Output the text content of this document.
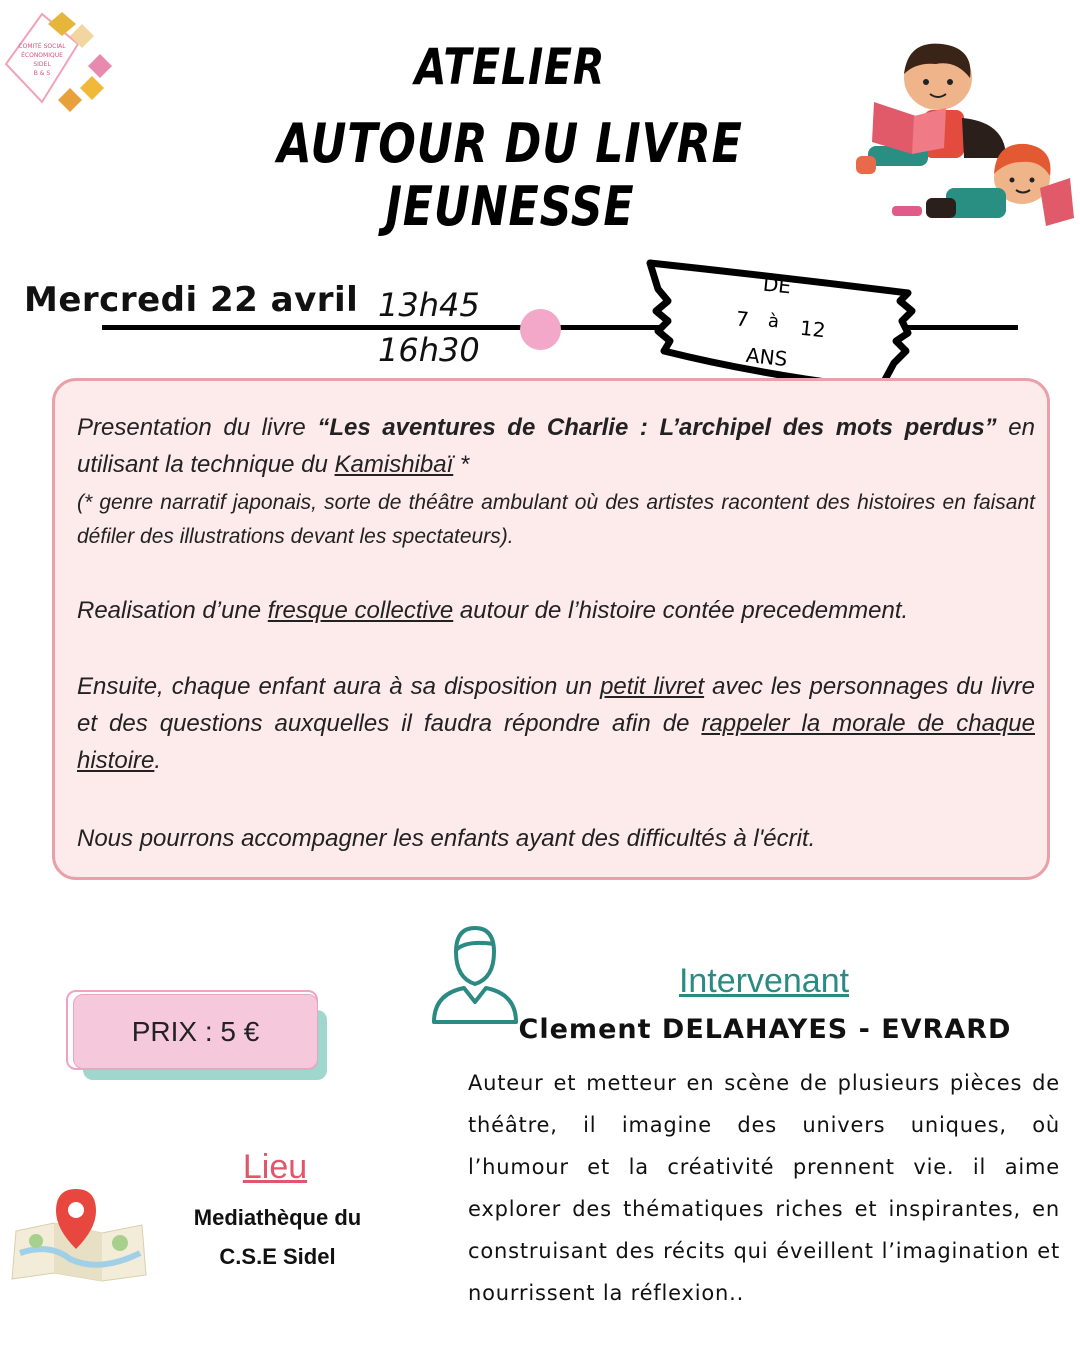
COMITÉ SOCIAL
ÉCONOMIQUE
SIDEL
B & S	ATELIER
AUTOUR DU LIVRE JEUNESSE
Mercredi 22 avril 13h45
16h30
DE
7 à 12
ANS
Presentation du livre “Les aventures de Charlie : L’archipel des mots perdus” en utilisant la technique du Kamishibaï *
(* genre narratif japonais, sorte de théâtre ambulant où des artistes racontent des histoires en faisant défiler des illustrations devant les spectateurs).
Realisation d’une fresque collective autour de l’histoire contée precedemment.
Ensuite, chaque enfant aura à sa disposition un petit livret avec les personnages du livre et des questions auxquelles il faudra répondre afin de rappeler la morale de chaque histoire.
Nous pourrons accompagner les enfants ayant des difficultés à l'écrit.
PRIX : 5 €
Lieu
Mediathèque du
C.S.E Sidel
Intervenant
Clement DELAHAYES - EVRARD
Auteur et metteur en scène de plusieurs pièces de théâtre, il imagine des univers uniques, où l’humour et la créativité prennent vie. il aime explorer des thématiques riches et inspirantes, en construisant des récits qui éveillent l’imagination et nourrissent la réflexion..
